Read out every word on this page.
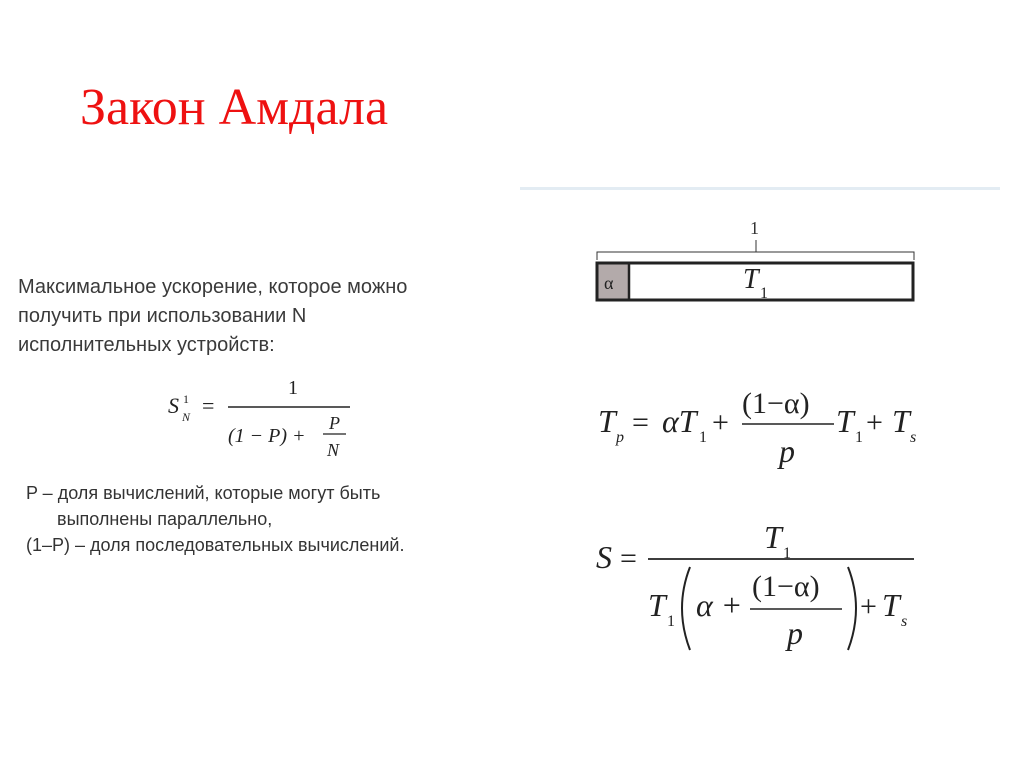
Закон Амдала
Максимальное ускорение, которое можно
получить при использовании N
исполнительных устройств:
S 1
N =
1
(1 − P) +
P
N
P – доля вычислений, которые могут быть
выполнены параллельно,
(1–P) – доля последовательных вычислений.
1
α	T 1
T p = αT 1 +
(1−α)
p
T 1 + T s
S =
T 1
T 1 α +
(1−α)
p
+ T s
